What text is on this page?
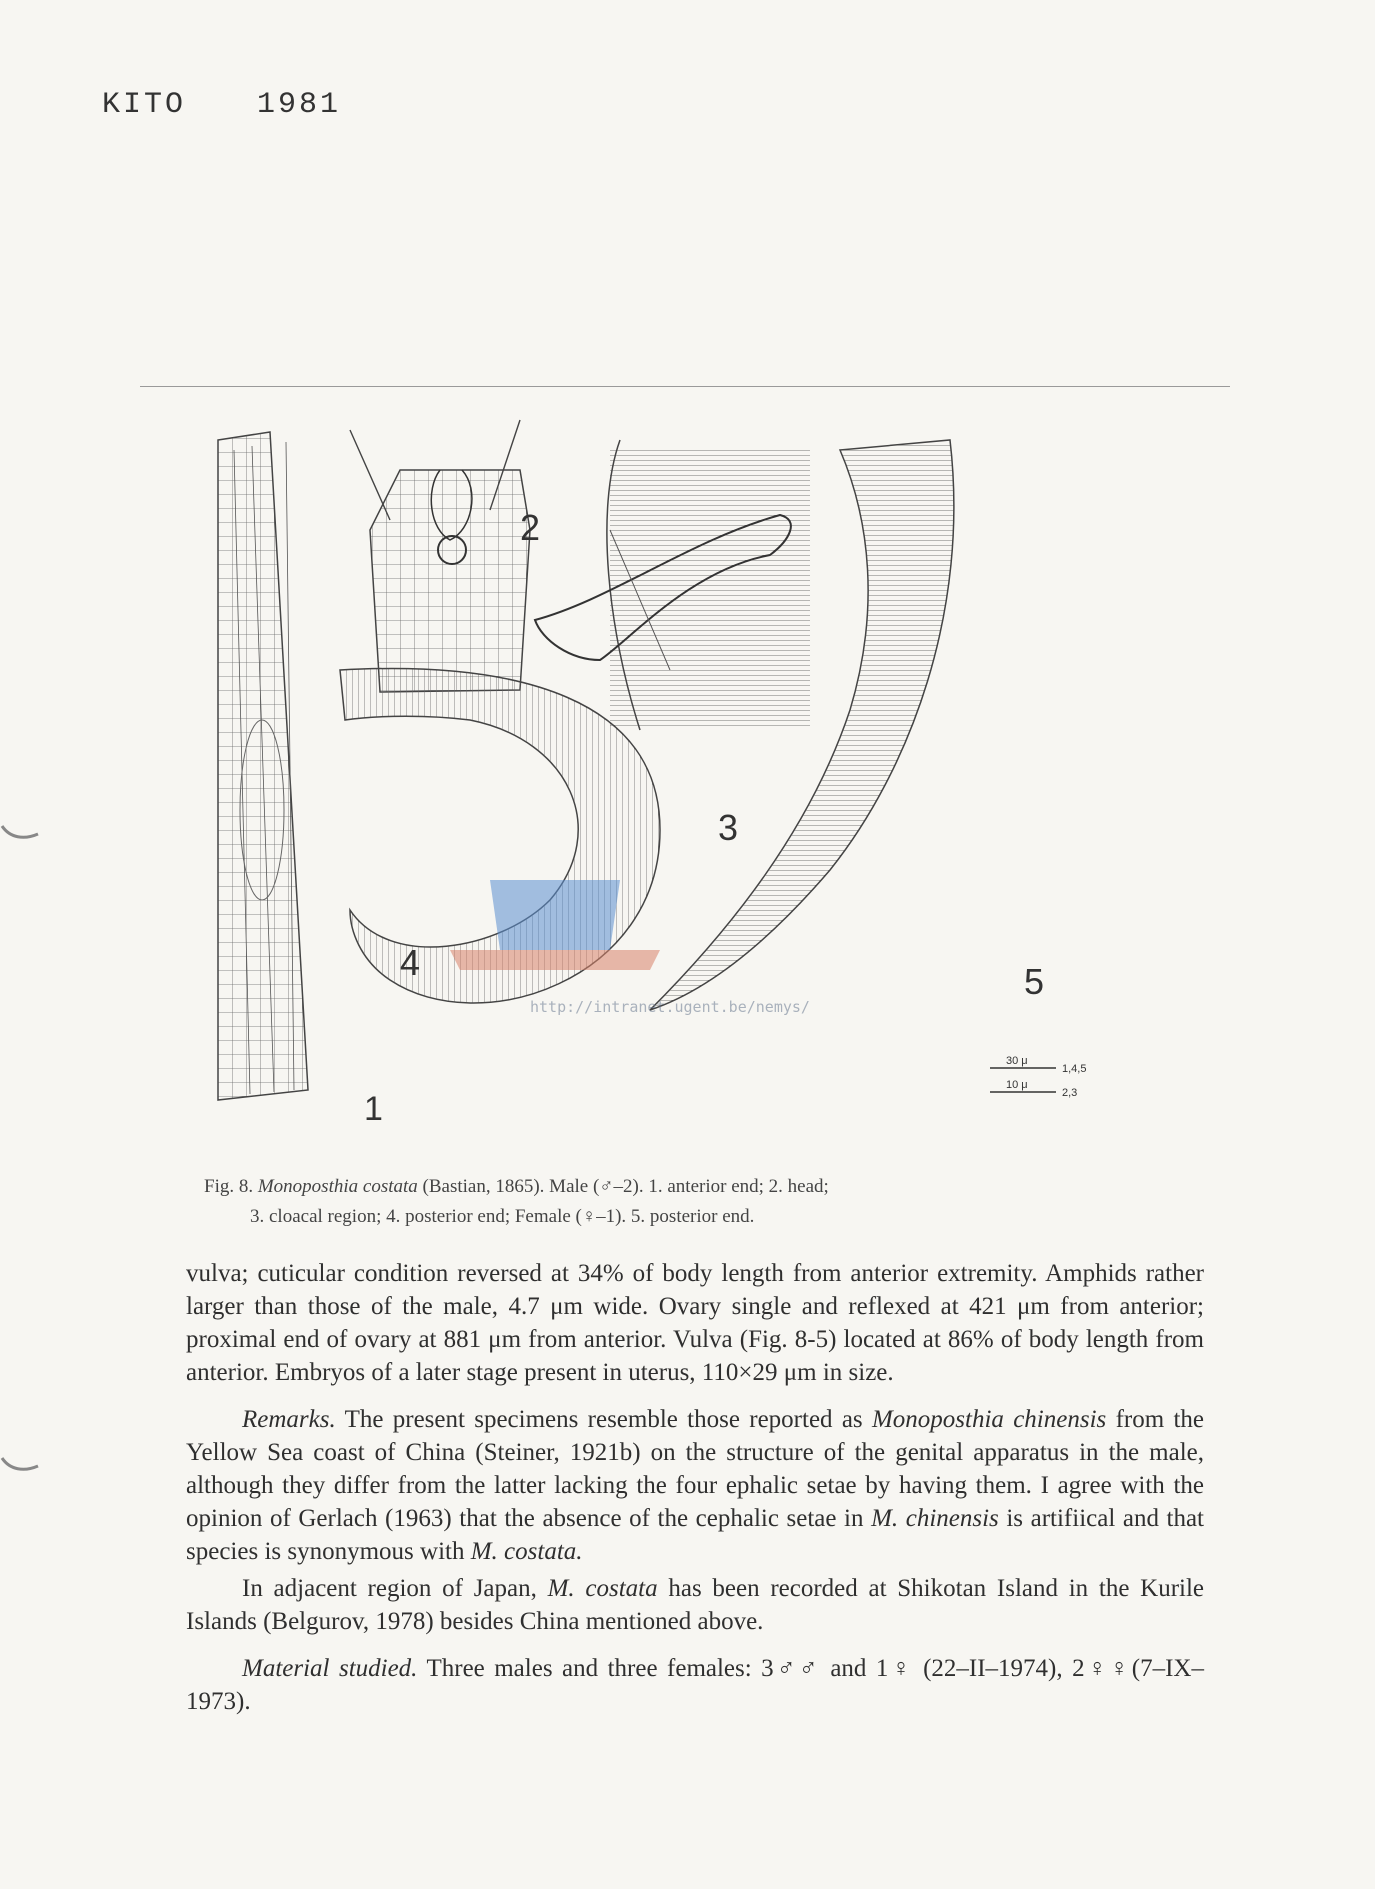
KITO 1981
2
3
4	5
1
30 μ
1,4,5
10 μ
2,3
http://intranet.ugent.be/nemys/
Fig. 8. Monoposthia costata (Bastian, 1865). Male (♂–2). 1. anterior end; 2. head;
3. cloacal region; 4. posterior end; Female (♀–1). 5. posterior end.

vulva; cuticular condition reversed at 34% of body length from anterior extremity. Amphids rather larger than those of the male, 4.7 μm wide. Ovary single and reflexed at 421 μm from anterior; proximal end of ovary at 881 μm from anterior. Vulva (Fig. 8-5) located at 86% of body length from anterior. Embryos of a later stage present in uterus, 110×29 μm in size.

Remarks. The present specimens resemble those reported as Monoposthia chinensis from the Yellow Sea coast of China (Steiner, 1921b) on the structure of the genital apparatus in the male, although they differ from the latter lacking the four ephalic setae by having them. I agree with the opinion of Gerlach (1963) that the absence of the cephalic setae in M. chinensis is artifiical and that species is synonymous with M. costata.

In adjacent region of Japan, M. costata has been recorded at Shikotan Island in the Kurile Islands (Belgurov, 1978) besides China mentioned above.

Material studied. Three males and three females: 3♂♂ and 1♀ (22–II–1974), 2♀♀(7–IX–1973).
